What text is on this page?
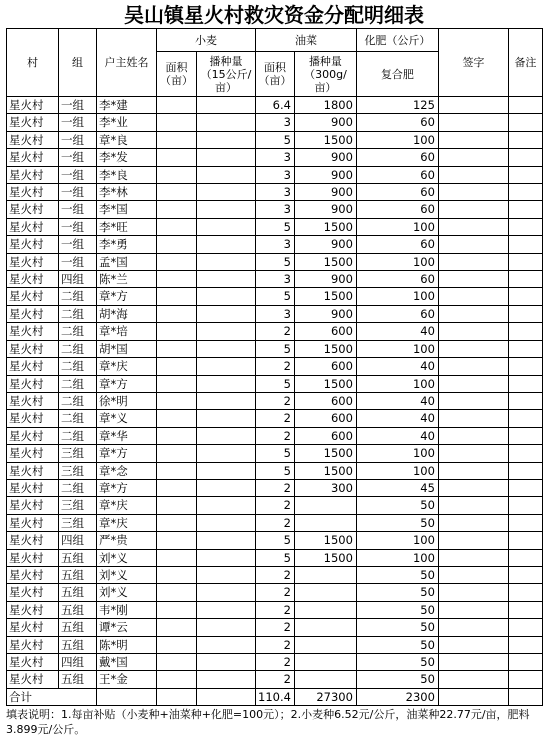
吴山镇星火村救灾资金分配明细表
村	组	户主姓名	小麦		油菜		化肥（公斤）	签字	备注
			面积（亩）	播种量（15公斤/亩）	面积（亩）	播种量（300g/亩）	复合肥		
星火村	一组	李*建			6.4	1800	125		
星火村	一组	李*业			3	900	60		
星火村	一组	章*良			5	1500	100		
星火村	一组	李*发			3	900	60		
星火村	一组	李*良			3	900	60		
星火村	一组	李*林			3	900	60		
星火村	一组	李*国			3	900	60		
星火村	一组	李*旺			5	1500	100		
星火村	一组	李*勇			3	900	60		
星火村	一组	孟*国			5	1500	100		
星火村	四组	陈*兰			3	900	60		
星火村	二组	章*方			5	1500	100		
星火村	二组	胡*海			3	900	60		
星火村	二组	章*培			2	600	40		
星火村	二组	胡*国			5	1500	100		
星火村	二组	章*庆			2	600	40		
星火村	二组	章*方			5	1500	100		
星火村	二组	徐*明			2	600	40		
星火村	二组	章*义			2	600	40		
星火村	二组	章*华			2	600	40		
星火村	三组	章*方			5	1500	100		
星火村	三组	章*念			5	1500	100		
星火村	二组	章*方			2	300	45		
星火村	三组	章*庆			2		50		
星火村	三组	章*庆			2		50		
星火村	四组	严*贵			5	1500	100		
星火村	五组	刘*义			5	1500	100		
星火村	五组	刘*义			2		50		
星火村	五组	刘*义			2		50		
星火村	五组	韦*刚			2		50		
星火村	五组	谭*云			2		50		
星火村	五组	陈*明			2		50		
星火村	四组	戴*国			2		50		
星火村	五组	王*金			2		50		
合计					110.4	27300	2300		
填表说明：1.每亩补贴（小麦种+油菜种+化肥=100元）；2.小麦种6.52元/公斤，油菜种22.77元/亩，肥料3.899元/公斤。
